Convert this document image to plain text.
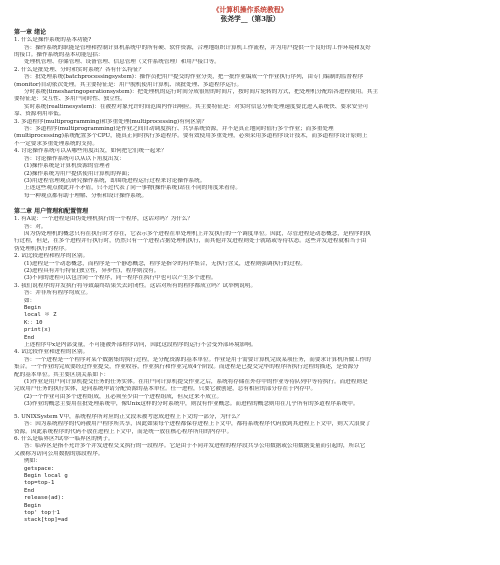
《计算机操作系统教程》
张尧学__（第3版）
第一章 绪论
1. 什么是操作系统的基本功能?
答：操作系统的职能是管理和控制计算机系统中的所有硬、软件资源，合理地组织计算机工作流程，并为用户提供一个良好的工作环境和友好
的接口。操作系统的基本功能包括：
处理机管理、存储管理、设备管理、信息管理（文件系统管理）和用户接口等。
2. 什么是批处理、分时和实时系统？各有什么特征？
答：批处理系统(batchprocessingsystem)：操作员把用户提交的作业分类，把一批作业编成一个作业执行序列，由专门编制的监督程序
(monitor)自动依次处理。其主要特征是：用户脱机使用计算机、成批处理、多道程序运行。
分时系统(timesharingoperationsystem)：把处理机的运行时间分成很短的时间片，按时间片轮转的方式，把处理机分配给各进程使用。其主
要特征是：交互性、多用户同时性、独立性。
实时系统(realtimesystem)：在被控对象允许时间范围内作出响应。其主要特征是：对实时信息分析处理速度要比进入系统快、要求安全可
靠、资源利用率低。
3. 多道程序(multiprogramming)和多重处理(multiprocessing)有何区别？
答：多道程序(multiprogramming)是作业之间自动调度执行、共享系统资源，并不是真正地同时值行多个作业；而多重处理
(multiprocessing)系统配置多个CPU，能真正同时执行多道程序。要有效使用多重处理，必须采用多道程序设计技术，而多道程序设计原则上
不一定要求多重处理系统的支持。
4. 讨论操作系统可以从哪些角度出发，如何把它们统一起来？
答：讨论操作系统可以从以下角度出发：
(1)操作系统是计算机资源的管理者
(2)操作系统为用户提供使用计算机的界面；
(3)用进程管理观点研究操作系统，即围绕进程运行过程来讨论操作系统。
上述这些观点彼此并不矛盾，只不过代表了同一事物(操作系统)站在不同的角度来看待。
每一种观点都有助于理解、分析和设计操作系统。
第二章 用户管理和配置管理
1. 有A说：一个进程是由伪处理机执行的一个程序，这话对吗？为什么？
答：对。
因为伪处理机的概念只有在执行时才存在，它表示多个进程在单处理机上并发执行的一个调度单位。因此，尽管进程是动态概念，是程序的执
行过程，但是，在多个进程并行执行时，仍然只有一个进程占据处理机执行，而其他并发进程则处于就绪或等待状态。这些并发进程就相当于由
伪处理机执行的程序。
2. 试比较进程和程序的区别。
(1)进程是一个动态概念，而程序是一个静态概念，程序是指令的有序集合，无执行含义，进程则强调执行的过程。
(2)进程具有并行特征(独立性，异步性)，程序则没有。
(3)不同的进程可以包含同一个程序，同一程序在执行中也可以产生多个进程。
3. 我们说程序的并发执行将导致最终结果失去封闭性。这话对所有的程序都成立吗？试举例说明。
答：并非所有程序均成立。
如：
Begin
local ＊ Z
K：：10
print(x)
End
上述程序中x是内部变量，不可能被外部程序访问，因此这段程序的运行不会受外部环境影响。
4. 试比较作业和进程的区别。
答：一个进程是一个程序对某个数据集的执行过程，是分配资源的基本单位。作业是用于需要计算机完成某项任务，而要求计算机所做工作的
集合。一个作业的完成要经过作业提交，作业收容，作业执行和作业完成4个阶段。而进程是已提交完毕的程序所执行过程的描述，是资源分
配的基本单位。其主要区别关系如下：
(1)作业是用户向计算机提交任务的任务实体。在用户向计算机提交作业之后，系统将存储在外存中的作业等待队列中等待执行。而进程则是
完成用户任务的执行实体，是向系统申请分配资源的基本单位。任一进程，只要它被创建，总有相应的部分存在于内存中。
(2)一个作业可由多个进程组成，且必须至少由一个进程组成，但反过来不成立。
(3)作业的概念主要用在批处理系统中，像Unix这样的分时系统中，则没有作业概念。而进程的概念则用在几乎所有的多道程序系统中。
5. UNIXSystem V中，系统程序所对应的正文段未被考虑成进程上下文的一部分，为什么？
答：因为系统程序的代码被用户程序所共享，因此如果每个进程都保存进程上下文中，都将系统程序代码放到其进程上下文中，则大大浪费了
资源。因此系统程序的代码不放在进程上下文中，而是统一放在核心程序所用的内存中。
6. 什么是临界区?试举一临界区的例子。
答：临界区是指不允许多个并发进程交叉执行的一段程序。它是由于不同并发进程的程序段共享公用数据或公用数据变量而引起的，所以它
又被称为访问公用数据的那段程序。
例如：
getspace:
Begin local g
top=top-1
End
release(ad):
Begin
top' top十1
stack[top]=ad
